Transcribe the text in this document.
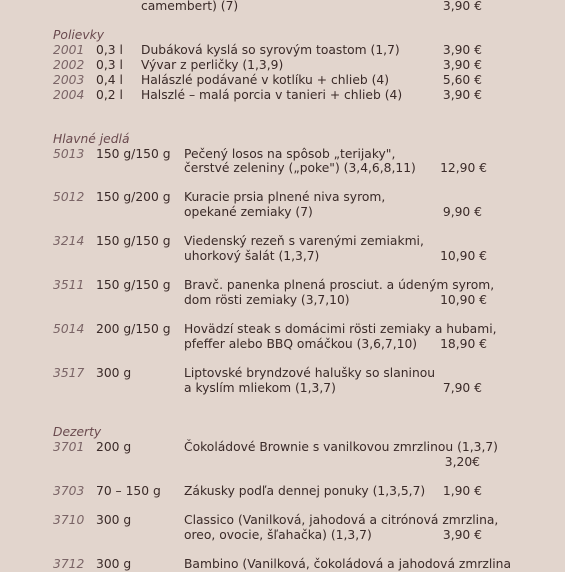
camembert) (7)	3,90 €
Polievky
2001 0,3 l Dubáková kyslá so syrovým toastom (1,7)	3,90 €
2002 0,3 l Vývar z perličky (1,3,9)	3,90 €
2003 0,4 l Halászlé podávané v kotlíku + chlieb (4)	5,60 €
2004 0,2 l Halszlé – malá porcia v tanieri + chlieb (4)	3,90 €
Hlavné jedlá
5013 150 g/150 g Pečený losos na spôsob „terijaky",
čerstvé zeleniny („poke") (3,4,6,8,11) 12,90 €
5012 150 g/200 g Kuracie prsia plnené niva syrom,
opekané zemiaky (7)	9,90 €
3214 150 g/150 g Viedenský rezeň s varenými zemiakmi,
uhorkový šalát (1,3,7)	10,90 €
3511 150 g/150 g Bravč. panenka plnená prosciut. a údeným syrom,
dom rösti zemiaky (3,7,10)	10,90 €
5014 200 g/150 g Hovädzí steak s domácimi rösti zemiaky a hubami,
pfeffer alebo BBQ omáčkou (3,6,7,10) 18,90 €
3517 300 g	Liptovské bryndzové halušky so slaninou
a kyslím mliekom (1,3,7)	7,90 €
Dezerty
3701 200 g	Čokoládové Brownie s vanilkovou zmrzlinou (1,3,7)
3,20€
3703 70 – 150 g Zákusky podľa dennej ponuky (1,3,5,7) 1,90 €
3710 300 g	Classico (Vanilková, jahodová a citrónová zmrzlina,
oreo, ovocie, šľahačka) (1,3,7)	3,90 €
3712 300 g	Bambino (Vanilková, čokoládová a jahodová zmrzlina
